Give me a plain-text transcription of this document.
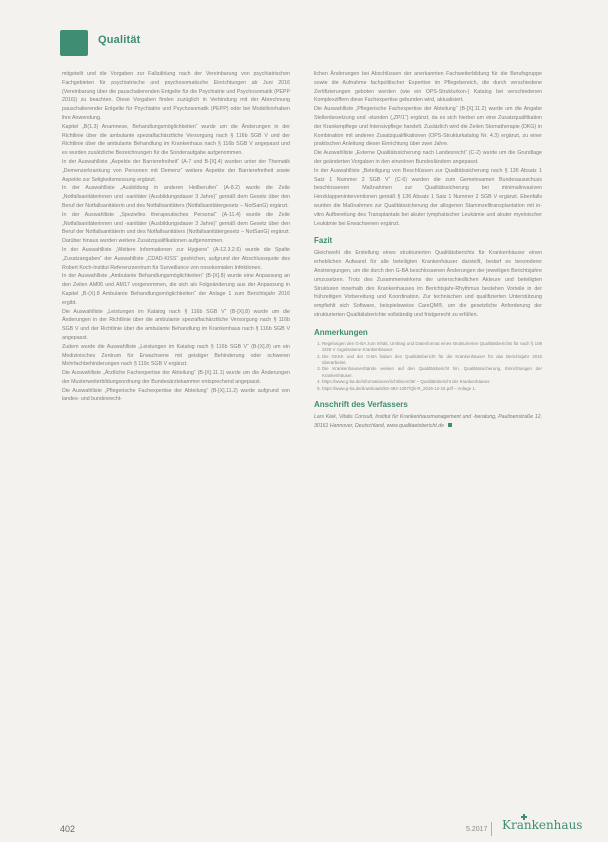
Qualität

mitgeteilt und die Vorgaben zur Fallzählung nach der Vereinbarung von psychiatrischen Fachgebieten für psychiatrische und psychosomatische Einrichtungen ab Juni 2016 (Vereinbarung über die pauschalierenden Entgelte für die Psychiatrie und Psychosomatik (PEPP 2016)) zu beachten. Diese Vorgaben finden zuzüglich in Verbindung mit der Abrechnung pauschalierender Entgelte für Psychiatrie und Psychosomatik (PEPP) oder bei Modellvorhaben ihre Anwendung.

Kapitel „B(1.3) Anamnese, Behandlungsmöglichkeiten“ wurde um die Änderungen in der Richtlinie über die ambulante spezialfachärztliche Versorgung nach § 116b SGB V und der Richtlinie über die ambulante Behandlung im Krankenhaus nach § 116b SGB V angepasst und es wurden zusätzliche Bezeichnungen für die Sonderaufgabe aufgenommen.

In der Auswahlliste „Aspekte der Barrierefreiheit“ (A-7 und B-[X].4) wurden unter der Thematik „Demenzerkrankung von Personen mit Demenz“ weitere Aspekte der Barrierefreiheit sowie Aspekte zur Seligkeitsmessung ergänzt.

In der Auswahlliste „Ausbildung in anderen Heilberufen“ (A-8.2) wurde die Zeile „Notfallsanitäterinnen und -sanitäter (Ausbildungsdauer 3 Jahre)“ gemäß dem Gesetz über den Beruf der Notfallsanitäterin und des Notfallsanitäters (Notfallsanitätergesetz – NotSanG) ergänzt.

In der Auswahlliste „Spezielles therapeutisches Personal“ (A-11.4) wurde die Zeile „Notfallsanitäterinnen und -sanitäter (Ausbildungsdauer 3 Jahre)“ gemäß dem Gesetz über den Beruf der Notfallsanitäterin und des Notfallsanitäters (Notfallsanitätergesetz – NotSanG) ergänzt. Darüber hinaus wurden weitere Zusatzqualifikationen aufgenommen.

In der Auswahlliste „Weitere Informationen zur Hygiene“ (A-12.3.2.6) wurde die Spalte „Zusatzangaben“ der Auswahlliste „CDAD-KISS“ gestrichen, aufgrund der Abschlussquote des Robert Koch-Institut Referenzzentrum für Surveillance von nosokomialen Infektionen.

In der Auswahlliste „Ambulante Behandlungsmöglichkeiten“ (B-[X].8) wurde eine Anpassung an den Zeilen AM06 und AM17 vorgenommen, die sich als Folgeänderung aus der Anpassung in Kapitel „B-(X).8 Ambulante Behandlungsmöglichkeiten“ der Anlage 1 zum Berichtsjahr 2016 ergibt.

Die Auswahlliste „Leistungen im Katalog nach § 116b SGB V“ (B-[X].8) wurde um die Änderungen in der Richtlinie über die ambulante spezialfachärztliche Versorgung nach § 116b SGB V und der Richtlinie über die ambulante Behandlung im Krankenhaus nach § 116b SGB V angepasst.

Zudem wurde die Auswahlliste „Leistungen im Katalog nach § 116b SGB V“ (B-[X].8) um ein Medizinisches Zentrum für Erwachsene mit geistiger Behinderung oder schweren Mehrfachbehinderungen nach § 119c SGB V ergänzt.

Die Auswahlliste „Ärztliche Fachexpertise der Abteilung“ (B-[X].11.1) wurde um die Änderungen der Musterweiterbildungsordnung der Bundesärztekammer entsprechend angepasst.

Die Auswahlliste „Pflegerische Fachexpertise der Abteilung“ (B-[X].11.2) wurde aufgrund von landes- und bundesrecht-

lichen Änderungen bei Abschlüssen der anerkannten Fachweiterbildung für die Berufsgruppe sowie die Aufnahme fachpolitischer Expertise im Pflegebereich, die durch verschiedene Zertifizierungen geboten werden (wie ein OPS-Strukturkon-) Katalog bei verschiedenen Komplexziffern diese Fachexpertise gebunden wird, aktualisiert.

Die Auswahlliste „Pflegerische Fachexpertise der Abteilung“ (B-[X].11.2) wurde um die Angabe Stellenbesetzung und -stunden („ZP/1“) ergänzt, da es sich hierbei um eine Zusatzqualifikation der Krankenpflege und Intensivpflege handelt. Zusätzlich wird die Zeilen Stomatherapie (DKG) in Kombination mit anderen Zusatzqualifikationen (OPS-Strukturkatalog Nr. 4.3) ergänzt, zu einer praktischen Anleitung dieser Einrichtung über zwei Jahre.

Die Auswahlliste „Externe Qualitätssicherung nach Landesrecht“ (C-2) wurde um die Grundlage der geänderten Vorgaben in den einzelnen Bundesländern angepasst.

In der Auswahlliste „Beteiligung von Beschlüssen zur Qualitätssicherung nach § 136 Absatz 1 Satz 1 Nummer 2 SGB V“ (C-6) wurden die zum Gemeinsamen Bundesausschuss beschlossenen Maßnahmen zur Qualitätssicherung bei minimalinvasiven Herzklappeninterventionen gemäß § 136 Absatz 1 Satz 1 Nummer 2 SGB V ergänzt. Ebenfalls wurden die Maßnahmen zur Qualitätssicherung der allogenen Stammzelltransplantation mit in-vitro Aufbereitung des Transplantats bei akuter lymphatischer Leukämie und akuter myeloischer Leukämie bei Erwachsenen ergänzt.

Fazit

Gleichwohl die Erstellung eines strukturierten Qualitätsberichts für Krankenhäuser einen erheblichen Aufwand für alle beteiligten Krankenhäuser darstellt, bedarf es besonderer Anstrengungen, um die durch den G-BA beschlossenen Änderungen der jeweiligen Berichtsjahre umzusetzen. Trotz des Zusammenwirkens der unterschiedlichen Akteure und beteiligten Strukturen innerhalb des Krankenhauses im Berichtsjahr-Rhythmus bestehen Vorteile in der frühzeitigen Vorbereitung und Koordination. Zur technischen und qualifizierten Unterstützung empfiehlt sich Software, beispielsweise CareQM®, um die gesetzliche Anforderung der strukturierten Qualitätsberichte vollständig und fristgerecht zu erfüllen.

Anmerkungen
1. Regelungen des G-BA zum Inhalt, Umfang und Datenformat eines strukturierten Qualitätsberichts für nach § 108 SGB V zugelassene Krankenhäuser.
2. Die GKKK und der G-BA haben den Qualitätsbericht für die Krankenhäuser für das Berichtsjahr 2016 überarbeitet.
3. Die Krankenhausverbände weisen auf den Qualitätsbericht hin. Qualitätssicherung, Einrichtungen der Krankenhäuser.
4. https://www.g-ba.de/informationen/richtlinien/39/ – Qualitätsbericht der Krankenhäuser.
5. https://www.g-ba.de/downloads/62-492-1297/Qb-R_2016-12-15.pdf – Anlage 1.
Anschrift des Verfassers

Lars Kiek, Vitalis Consult, Institut für Krankenhausmanagement und -beratung, Paulinenstraße 12, 30161 Hannover, Deutschland, www.qualitaetsbericht.de

402	5.2017 Krankenhaus
